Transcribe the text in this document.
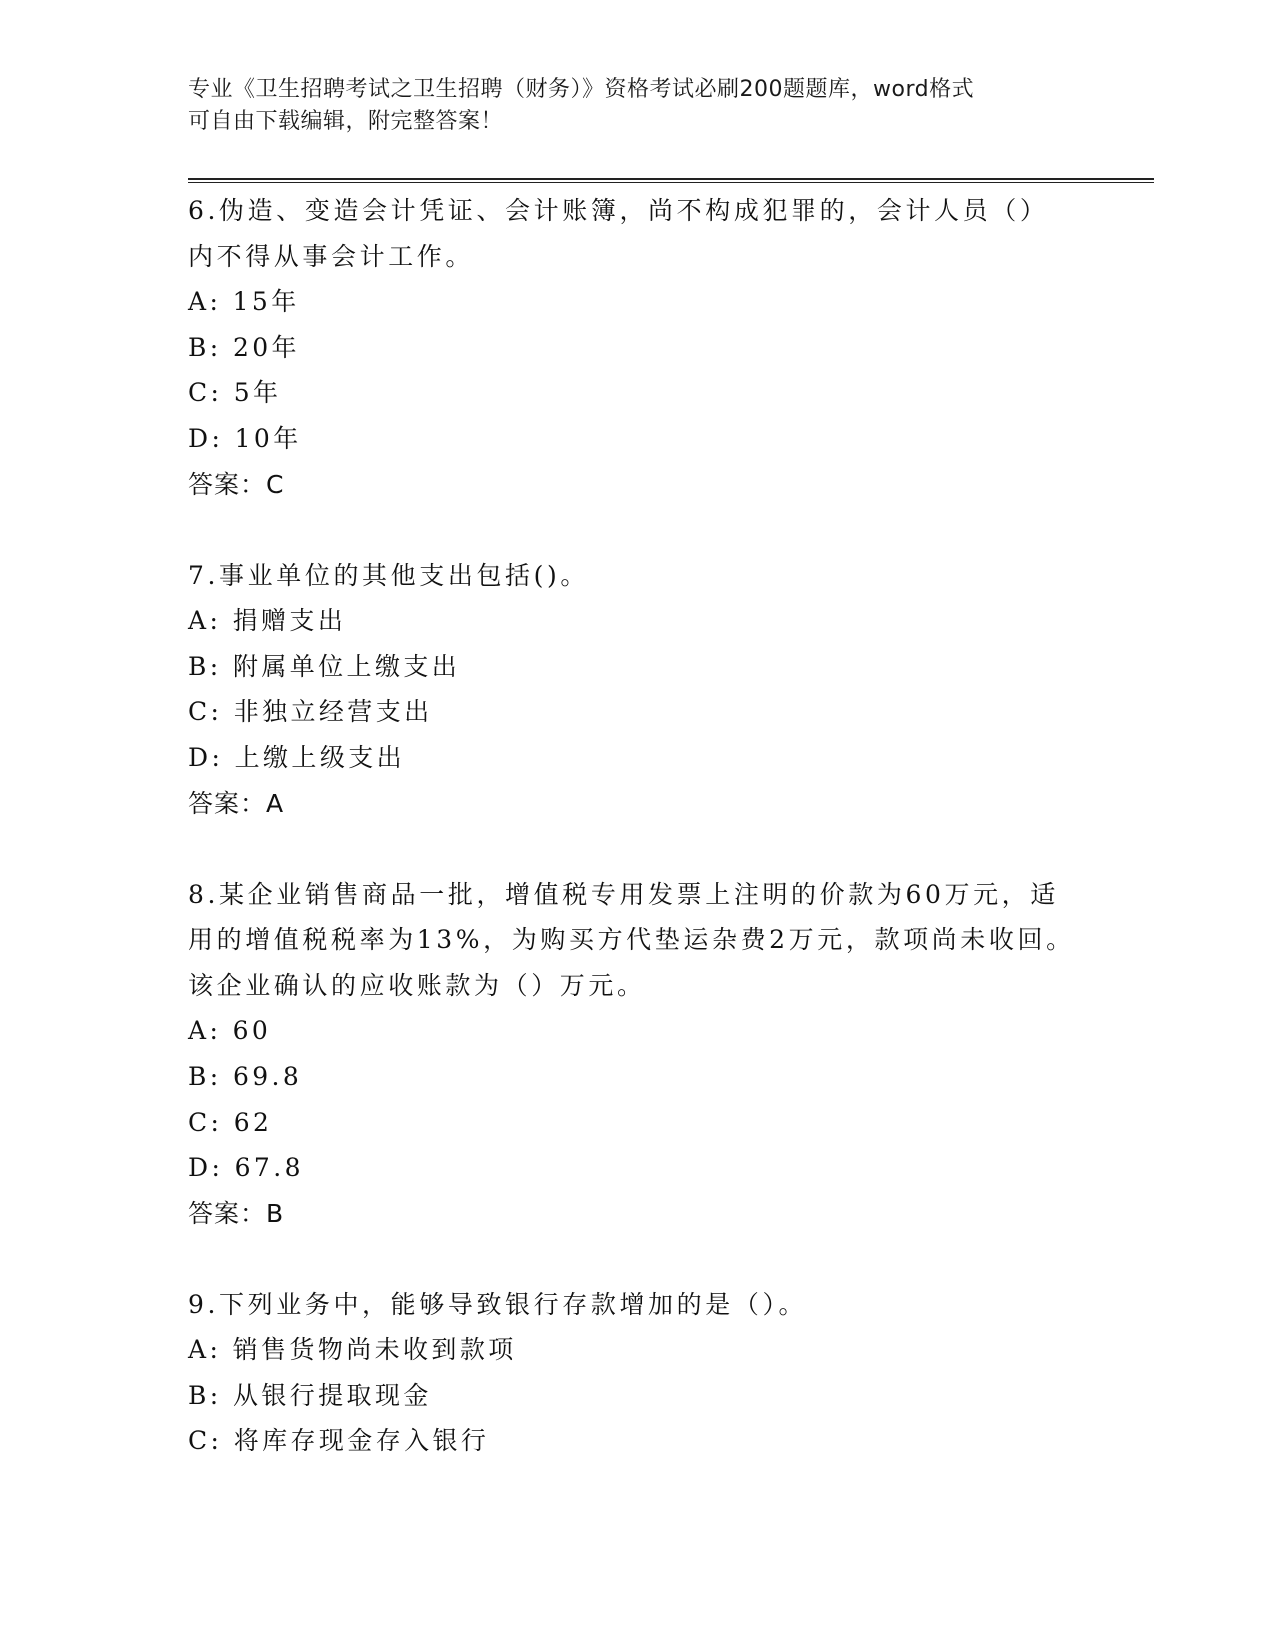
专业《卫生招聘考试之卫生招聘（财务）》资格考试必刷200题题库，word格式
可自由下载编辑，附完整答案！
6.伪造、变造会计凭证、会计账簿，尚不构成犯罪的，会计人员（）
内不得从事会计工作。
A: 15年
B: 20年
C: 5年
D: 10年
答案：C
7.事业单位的其他支出包括()。
A: 捐赠支出
B: 附属单位上缴支出
C: 非独立经营支出
D: 上缴上级支出
答案：A
8.某企业销售商品一批，增值税专用发票上注明的价款为60万元，适
用的增值税税率为13%，为购买方代垫运杂费2万元，款项尚未收回。
该企业确认的应收账款为（）万元。
A: 60
B: 69.8
C: 62
D: 67.8
答案：B
9.下列业务中，能够导致银行存款增加的是（）。
A: 销售货物尚未收到款项
B: 从银行提取现金
C: 将库存现金存入银行
